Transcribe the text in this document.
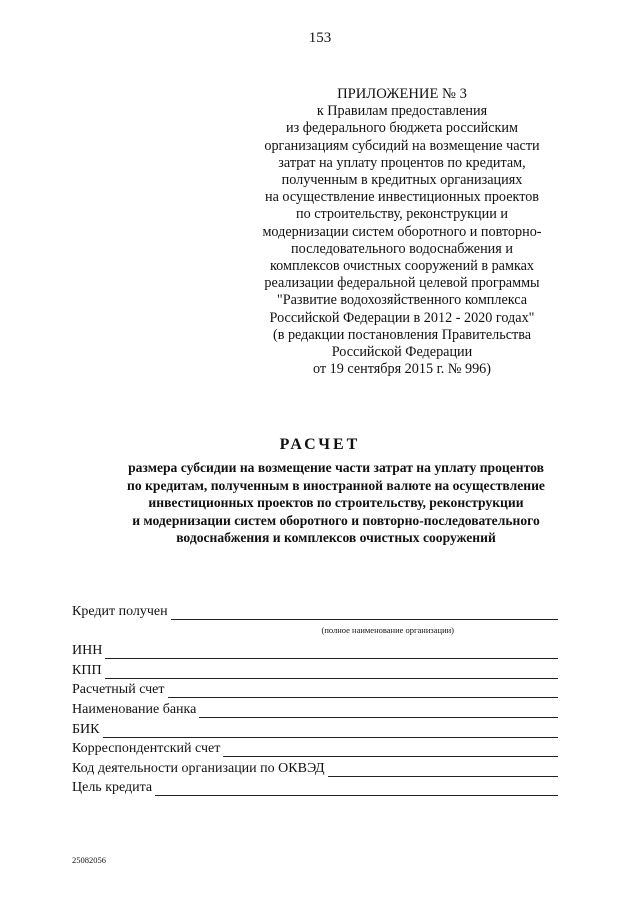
153
ПРИЛОЖЕНИЕ № 3
к Правилам предоставления
из федерального бюджета российским
организациям субсидий на возмещение части
затрат на уплату процентов по кредитам,
полученным в кредитных организациях
на осуществление инвестиционных проектов
по строительству, реконструкции и
модернизации систем оборотного и повторно-
последовательного водоснабжения и
комплексов очистных сооружений в рамках
реализации федеральной целевой программы
"Развитие водохозяйственного комплекса
Российской Федерации в 2012 - 2020 годах"
(в редакции постановления Правительства
Российской Федерации
от 19 сентября 2015 г. № 996)
РАСЧЕТ
размера субсидии на возмещение части затрат на уплату процентов
по кредитам, полученным в иностранной валюте на осуществление
инвестиционных проектов по строительству, реконструкции
и модернизации систем оборотного и повторно-последовательного
водоснабжения и комплексов очистных сооружений
Кредит получен
(полное наименование организации)
ИНН
КПП
Расчетный счет
Наименование банка
БИК
Корреспондентский счет
Код деятельности организации по ОКВЭД
Цель кредита
25082056
